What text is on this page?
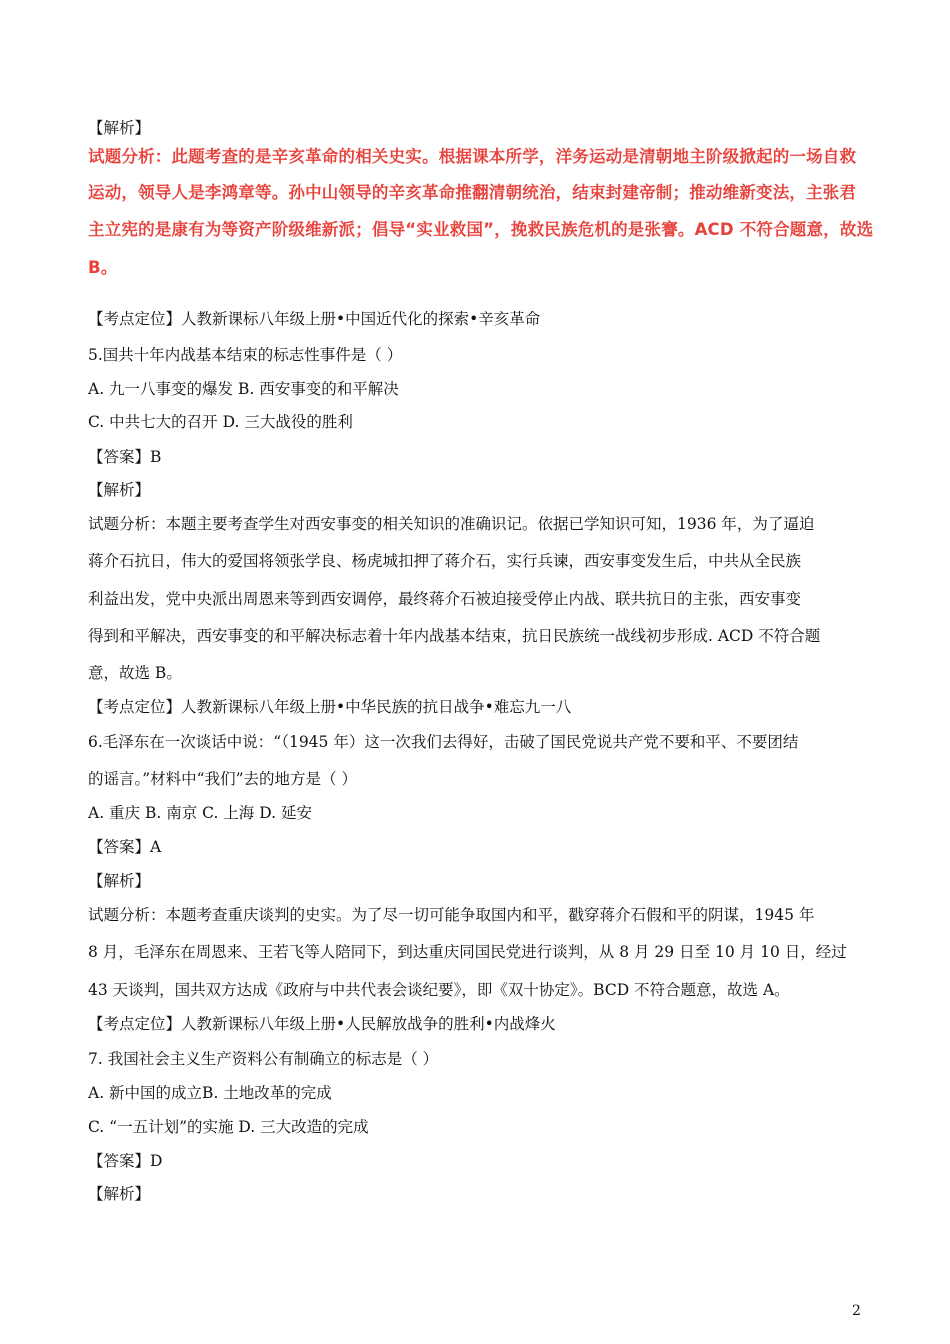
【解析】
试题分析：此题考查的是辛亥革命的相关史实。根据课本所学，洋务运动是清朝地主阶级掀起的一场自救
运动，领导人是李鸿章等。孙中山领导的辛亥革命推翻清朝统治，结束封建帝制；推动维新变法，主张君
主立宪的是康有为等资产阶级维新派；倡导“实业救国”，挽救民族危机的是张謇。ACD 不符合题意，故选
B。
【考点定位】人教新课标八年级上册•中国近代化的探索•辛亥革命
5.国共十年内战基本结束的标志性事件是（ ）
A. 九一八事变的爆发 B. 西安事变的和平解决
C. 中共七大的召开 D. 三大战役的胜利
【答案】B
【解析】
试题分析：本题主要考查学生对西安事变的相关知识的准确识记。依据已学知识可知，1936 年，为了逼迫
蒋介石抗日，伟大的爱国将领张学良、杨虎城扣押了蒋介石，实行兵谏，西安事变发生后，中共从全民族
利益出发，党中央派出周恩来等到西安调停，最终蒋介石被迫接受停止内战、联共抗日的主张，西安事变
得到和平解决，西安事变的和平解决标志着十年内战基本结束，抗日民族统一战线初步形成. ACD 不符合题
意，故选 B。
【考点定位】人教新课标八年级上册•中华民族的抗日战争•难忘九一八
6.毛泽东在一次谈话中说：“（1945 年）这一次我们去得好，击破了国民党说共产党不要和平、不要团结
的谣言。”材料中“我们”去的地方是（ ）
A. 重庆 B. 南京 C. 上海 D. 延安
【答案】A
【解析】
试题分析：本题考查重庆谈判的史实。为了尽一切可能争取国内和平，戳穿蒋介石假和平的阴谋，1945 年
8 月，毛泽东在周恩来、王若飞等人陪同下，到达重庆同国民党进行谈判，从 8 月 29 日至 10 月 10 日，经过
43 天谈判，国共双方达成《政府与中共代表会谈纪要》，即《双十协定》。BCD 不符合题意，故选 A。
【考点定位】人教新课标八年级上册•人民解放战争的胜利•内战烽火
7. 我国社会主义生产资料公有制确立的标志是（ ）
A. 新中国的成立B. 土地改革的完成
C. “一五计划”的实施 D. 三大改造的完成
【答案】D
【解析】
2
